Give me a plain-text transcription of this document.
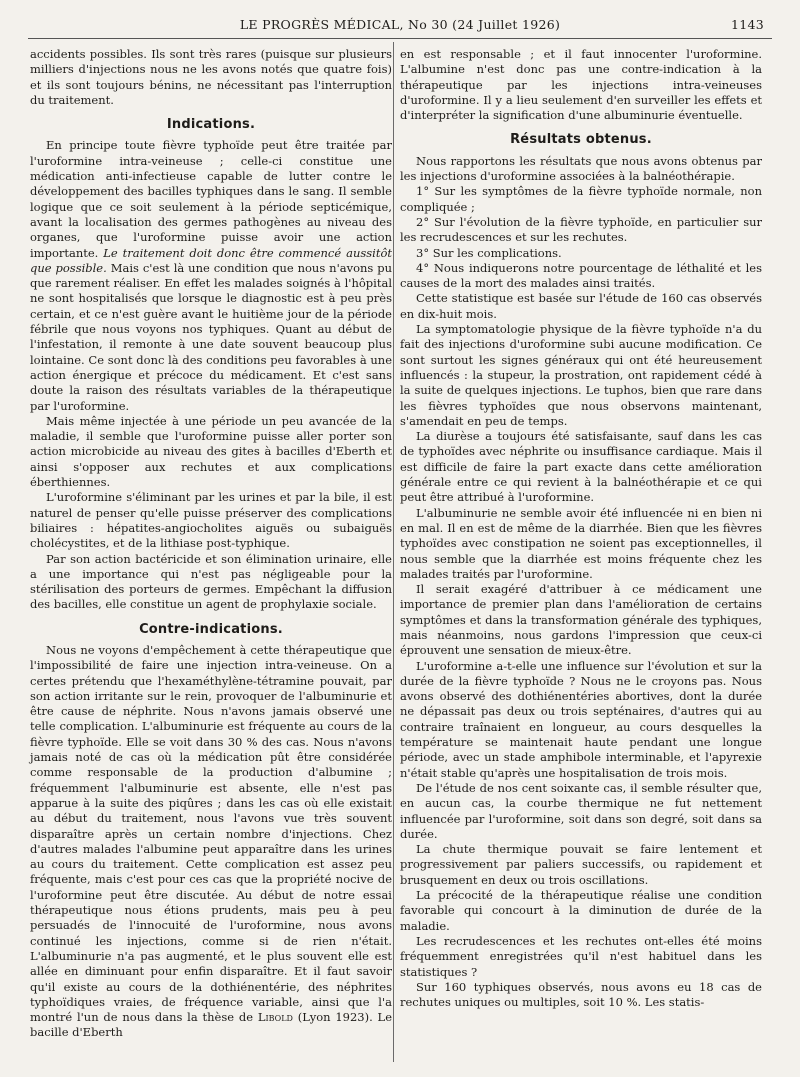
LE PROGRÈS MÉDICAL, No 30 (24 Juillet 1926)	1143

accidents possibles. Ils sont très rares (puisque sur plusieurs milliers d'injections nous ne les avons notés que quatre fois) et ils sont toujours bénins, ne nécessitant pas l'interruption du traitement.

Indications.

En principe toute fièvre typhoïde peut être traitée par l'uroformine intra-veineuse ; celle-ci constitue une médication anti-infectieuse capable de lutter contre le développement des bacilles typhiques dans le sang. Il semble logique que ce soit seulement à la période septicémique, avant la localisation des germes pathogènes au niveau des organes, que l'uroformine puisse avoir une action importante. Le traitement doit donc être commencé aussitôt que possible. Mais c'est là une condition que nous n'avons pu que rarement réaliser. En effet les malades soignés à l'hôpital ne sont hospitalisés que lorsque le diagnostic est à peu près certain, et ce n'est guère avant le huitième jour de la période fébrile que nous voyons nos typhiques. Quant au début de l'infestation, il remonte à une date souvent beaucoup plus lointaine. Ce sont donc là des conditions peu favorables à une action énergique et précoce du médicament. Et c'est sans doute la raison des résultats variables de la thérapeutique par l'uroformine.

Mais même injectée à une période un peu avancée de la maladie, il semble que l'uroformine puisse aller porter son action microbicide au niveau des gites à bacilles d'Eberth et ainsi s'opposer aux rechutes et aux complications éberthiennes.

L'uroformine s'éliminant par les urines et par la bile, il est naturel de penser qu'elle puisse préserver des complications biliaires : hépatites-angiocholites aiguës ou subaiguës cholécystites, et de la lithiase post-typhique.

Par son action bactéricide et son élimination urinaire, elle a une importance qui n'est pas négligeable pour la stérilisation des porteurs de germes. Empêchant la diffusion des bacilles, elle constitue un agent de prophylaxie sociale.

Contre-indications.

Nous ne voyons d'empêchement à cette thérapeutique que l'impossibilité de faire une injection intra-veineuse. On a certes prétendu que l'hexaméthylène-tétramine pouvait, par son action irritante sur le rein, provoquer de l'albuminurie et être cause de néphrite. Nous n'avons jamais observé une telle complication. L'albuminurie est fréquente au cours de la fièvre typhoïde. Elle se voit dans 30 % des cas. Nous n'avons jamais noté de cas où la médication pût être considérée comme responsable de la production d'albumine ; fréquemment l'albuminurie est absente, elle n'est pas apparue à la suite des piqûres ; dans les cas où elle existait au début du traitement, nous l'avons vue très souvent disparaître après un certain nombre d'injections. Chez d'autres malades l'albumine peut apparaître dans les urines au cours du traitement. Cette complication est assez peu fréquente, mais c'est pour ces cas que la propriété nocive de l'uroformine peut être discutée. Au début de notre essai thérapeutique nous étions prudents, mais peu à peu persuadés de l'innocuité de l'uroformine, nous avons continué les injections, comme si de rien n'était. L'albuminurie n'a pas augmenté, et le plus souvent elle est allée en diminuant pour enfin disparaître. Et il faut savoir qu'il existe au cours de la dothiénentérie, des néphrites typhoïdiques vraies, de fréquence variable, ainsi que l'a montré l'un de nous dans la thèse de Libold (Lyon 1923). Le bacille d'Eberth

en est responsable ; et il faut innocenter l'uroformine. L'albumine n'est donc pas une contre-indication à la thérapeutique par les injections intra-veineuses d'uroformine. Il y a lieu seulement d'en surveiller les effets et d'interpréter la signification d'une albuminurie éventuelle.

Résultats obtenus.

Nous rapportons les résultats que nous avons obtenus par les injections d'uroformine associées à la balnéothérapie.

1° Sur les symptômes de la fièvre typhoïde normale, non compliquée ;

2° Sur l'évolution de la fièvre typhoïde, en particulier sur les recrudescences et sur les rechutes.

3° Sur les complications.

4° Nous indiquerons notre pourcentage de léthalité et les causes de la mort des malades ainsi traités.

Cette statistique est basée sur l'étude de 160 cas observés en dix-huit mois.

La symptomatologie physique de la fièvre typhoïde n'a du fait des injections d'uroformine subi aucune modification. Ce sont surtout les signes généraux qui ont été heureusement influencés : la stupeur, la prostration, ont rapidement cédé à la suite de quelques injections. Le tuphos, bien que rare dans les fièvres typhoïdes que nous observons maintenant, s'amendait en peu de temps.

La diurèse a toujours été satisfaisante, sauf dans les cas de typhoïdes avec néphrite ou insuffisance cardiaque. Mais il est difficile de faire la part exacte dans cette amélioration générale entre ce qui revient à la balnéothérapie et ce qui peut être attribué à l'uroformine.

L'albuminurie ne semble avoir été influencée ni en bien ni en mal. Il en est de même de la diarrhée. Bien que les fièvres typhoïdes avec constipation ne soient pas exceptionnelles, il nous semble que la diarrhée est moins fréquente chez les malades traités par l'uroformine.

Il serait exagéré d'attribuer à ce médicament une importance de premier plan dans l'amélioration de certains symptômes et dans la transformation générale des typhiques, mais néanmoins, nous gardons l'impression que ceux-ci éprouvent une sensation de mieux-être.

L'uroformine a-t-elle une influence sur l'évolution et sur la durée de la fièvre typhoïde ? Nous ne le croyons pas. Nous avons observé des dothiénentéries abortives, dont la durée ne dépassait pas deux ou trois septénaires, d'autres qui au contraire traînaient en longueur, au cours desquelles la température se maintenait haute pendant une longue période, avec un stade amphibole interminable, et l'apyrexie n'était stable qu'après une hospitalisation de trois mois.

De l'étude de nos cent soixante cas, il semble résulter que, en aucun cas, la courbe thermique ne fut nettement influencée par l'uroformine, soit dans son degré, soit dans sa durée.

La chute thermique pouvait se faire lentement et progressivement par paliers successifs, ou rapidement et brusquement en deux ou trois oscillations.

La précocité de la thérapeutique réalise une condition favorable qui concourt à la diminution de durée de la maladie.

Les recrudescences et les rechutes ont-elles été moins fréquemment enregistrées qu'il n'est habituel dans les statistiques ?

Sur 160 typhiques observés, nous avons eu 18 cas de rechutes uniques ou multiples, soit 10 %. Les statis-
